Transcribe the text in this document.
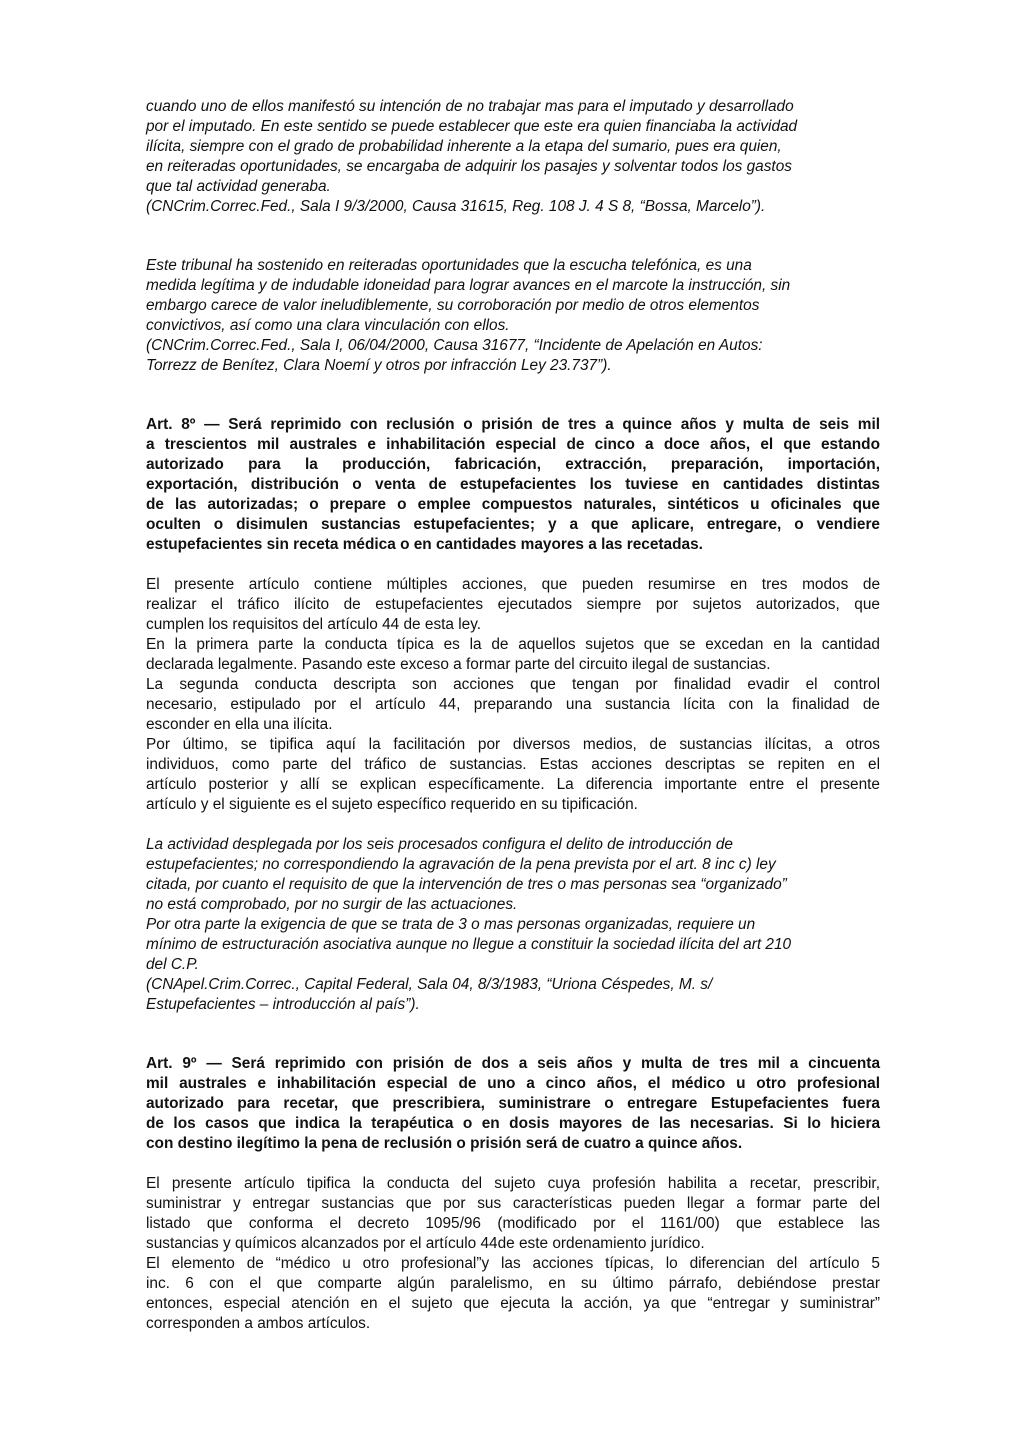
cuando uno de ellos manifestó su intención de no trabajar mas para el imputado y desarrollado
por el imputado. En este sentido se puede establecer que este era quien financiaba la actividad
ilícita, siempre con el grado de probabilidad inherente a la etapa del sumario, pues era quien,
en reiteradas oportunidades, se encargaba de adquirir los pasajes y solventar todos los gastos
que tal actividad generaba.
(CNCrim.Correc.Fed., Sala I 9/3/2000, Causa 31615, Reg. 108 J. 4 S 8, “Bossa, Marcelo”).
Este tribunal ha sostenido en reiteradas oportunidades que la escucha telefónica, es una
medida legítima y de indudable idoneidad para lograr avances en el marcote la instrucción, sin
embargo carece de valor ineludiblemente, su corroboración por medio de otros elementos
convictivos, así como una clara vinculación con ellos.
(CNCrim.Correc.Fed., Sala I, 06/04/2000, Causa 31677, “Incidente de Apelación en Autos:
Torrezz de Benítez, Clara Noemí y otros por infracción Ley 23.737”).
Art. 8º — Será reprimido con reclusión o prisión de tres a quince años y multa de seis mil
a trescientos mil australes e inhabilitación especial de cinco a doce años, el que estando
autorizado para la producción, fabricación, extracción, preparación, importación,
exportación, distribución o venta de estupefacientes los tuviese en cantidades distintas
de las autorizadas; o prepare o emplee compuestos naturales, sintéticos u oficinales que
oculten o disimulen sustancias estupefacientes; y a que aplicare, entregare, o vendiere
estupefacientes sin receta médica o en cantidades mayores a las recetadas.
El presente artículo contiene múltiples acciones, que pueden resumirse en tres modos de
realizar el tráfico ilícito de estupefacientes ejecutados siempre por sujetos autorizados, que
cumplen los requisitos del artículo 44 de esta ley.
En la primera parte la conducta típica es la de aquellos sujetos que se excedan en la cantidad
declarada legalmente. Pasando este exceso a formar parte del circuito ilegal de sustancias.
La segunda conducta descripta son acciones que tengan por finalidad evadir el control
necesario, estipulado por el artículo 44, preparando una sustancia lícita con la finalidad de
esconder en ella una ilícita.
Por último, se tipifica aquí la facilitación por diversos medios, de sustancias ilícitas, a otros
individuos, como parte del tráfico de sustancias. Estas acciones descriptas se repiten en el
artículo posterior y allí se explican específicamente. La diferencia importante entre el presente
artículo y el siguiente es el sujeto específico requerido en su tipificación.
La actividad desplegada por los seis procesados configura el delito de introducción de
estupefacientes; no correspondiendo la agravación de la pena prevista por el art. 8 inc c) ley
citada, por cuanto el requisito de que la intervención de tres o mas personas sea “organizado”
no está comprobado, por no surgir de las actuaciones.
Por otra parte la exigencia de que se trata de 3 o mas personas organizadas, requiere un
mínimo de estructuración asociativa aunque no llegue a constituir la sociedad ilícita del art 210
del C.P.
(CNApel.Crim.Correc., Capital Federal, Sala 04, 8/3/1983, “Uriona Céspedes, M. s/
Estupefacientes – introducción al país”).
Art. 9º — Será reprimido con prisión de dos a seis años y multa de tres mil a cincuenta
mil australes e inhabilitación especial de uno a cinco años, el médico u otro profesional
autorizado para recetar, que prescribiera, suministrare o entregare Estupefacientes fuera
de los casos que indica la terapéutica o en dosis mayores de las necesarias. Si lo hiciera
con destino ilegítimo la pena de reclusión o prisión será de cuatro a quince años.
El presente artículo tipifica la conducta del sujeto cuya profesión habilita a recetar, prescribir,
suministrar y entregar sustancias que por sus características pueden llegar a formar parte del
listado que conforma el decreto 1095/96 (modificado por el 1161/00) que establece las
sustancias y químicos alcanzados por el artículo 44de este ordenamiento jurídico.
El elemento de “médico u otro profesional”y las acciones típicas, lo diferencian del artículo 5
inc. 6 con el que comparte algún paralelismo, en su último párrafo, debiéndose prestar
entonces, especial atención en el sujeto que ejecuta la acción, ya que “entregar y suministrar”
corresponden a ambos artículos.
